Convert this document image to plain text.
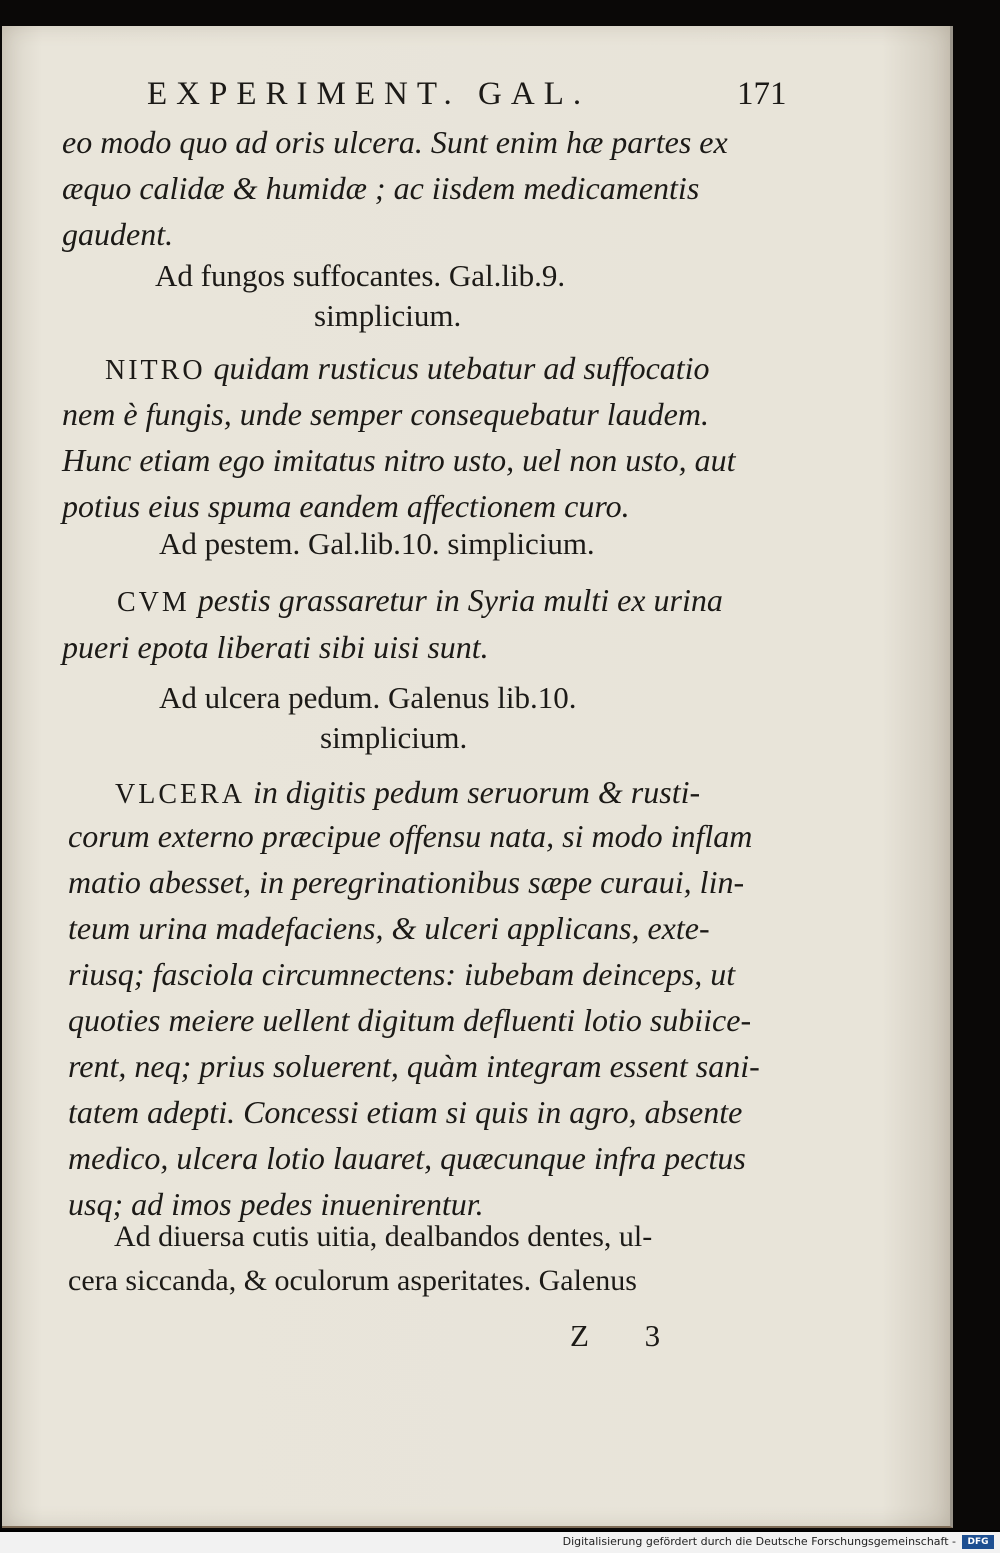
EXPERIMENT. GAL.	171
eo modo quo ad oris ulcera. Sunt enim hæ partes ex
æquo calidæ & humidæ ; ac iisdem medicamentis
gaudent.
Ad fungos suffocantes. Gal.lib.9.
simplicium.
NITRO quidam rusticus utebatur ad suffocatio
nem è fungis, unde semper consequebatur laudem.
Hunc etiam ego imitatus nitro usto, uel non usto, aut
potius eius spuma eandem affectionem curo.
Ad pestem. Gal.lib.10. simplicium.
CVM pestis grassaretur in Syria multi ex urina
pueri epota liberati sibi uisi sunt.
Ad ulcera pedum. Galenus lib.10.
simplicium.
VLCERA in digitis pedum seruorum & rusti-
corum externo præcipue offensu nata, si modo inflam
matio abesset, in peregrinationibus sæpe curaui, lin-
teum urina madefaciens, & ulceri applicans, exte-
riusq; fasciola circumnectens: iubebam deinceps, ut
quoties meiere uellent digitum defluenti lotio subiice-
rent, neq; prius soluerent, quàm integram essent sani-
tatem adepti. Concessi etiam si quis in agro, absente
medico, ulcera lotio lauaret, quæcunque infra pectus
usq; ad imos pedes inuenirentur.
Ad diuersa cutis uitia, dealbandos dentes, ul-
cera siccanda, & oculorum asperitates. Galenus
Z 3
Digitalisierung gefördert durch die Deutsche Forschungsgemeinschaft -	DFG
